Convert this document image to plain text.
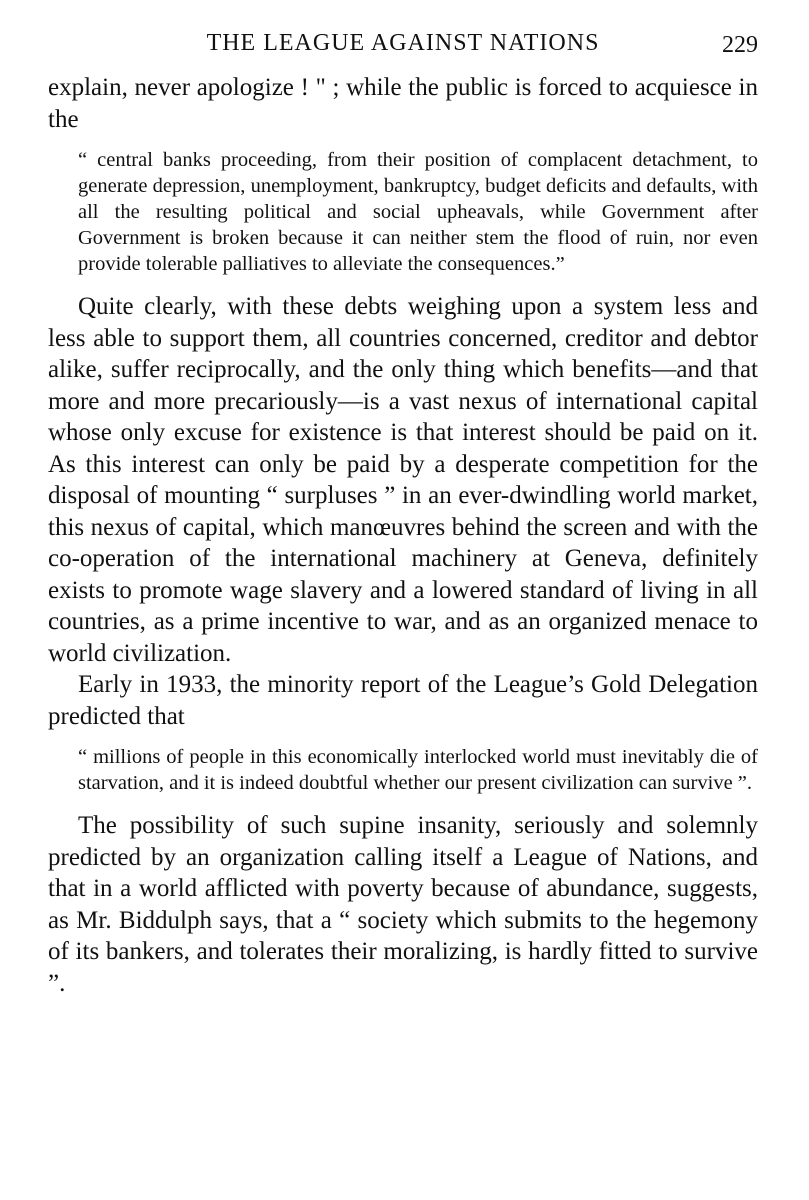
THE LEAGUE AGAINST NATIONS	229

explain, never apologize ! " ; while the public is forced to acquiesce in the

“ central banks proceeding, from their position of complacent detachment, to generate depression, unemployment, bankruptcy, budget deficits and defaults, with all the resulting political and social upheavals, while Government after Government is broken because it can neither stem the flood of ruin, nor even provide tolerable palliatives to alleviate the consequences.”

Quite clearly, with these debts weighing upon a system less and less able to support them, all countries concerned, creditor and debtor alike, suffer reciprocally, and the only thing which benefits—and that more and more precariously—is a vast nexus of international capital whose only excuse for existence is that interest should be paid on it. As this interest can only be paid by a desperate competition for the disposal of mounting “ surpluses ” in an ever-dwindling world market, this nexus of capital, which manœuvres behind the screen and with the co-operation of the international machinery at Geneva, definitely exists to promote wage slavery and a lowered standard of living in all countries, as a prime incentive to war, and as an organized menace to world civilization.

Early in 1933, the minority report of the League’s Gold Delegation predicted that

“ millions of people in this economically interlocked world must inevitably die of starvation, and it is indeed doubtful whether our present civilization can survive ”.

The possibility of such supine insanity, seriously and solemnly predicted by an organization calling itself a League of Nations, and that in a world afflicted with poverty because of abundance, suggests, as Mr. Biddulph says, that a “ society which submits to the hegemony of its bankers, and tolerates their moralizing, is hardly fitted to survive ”.
